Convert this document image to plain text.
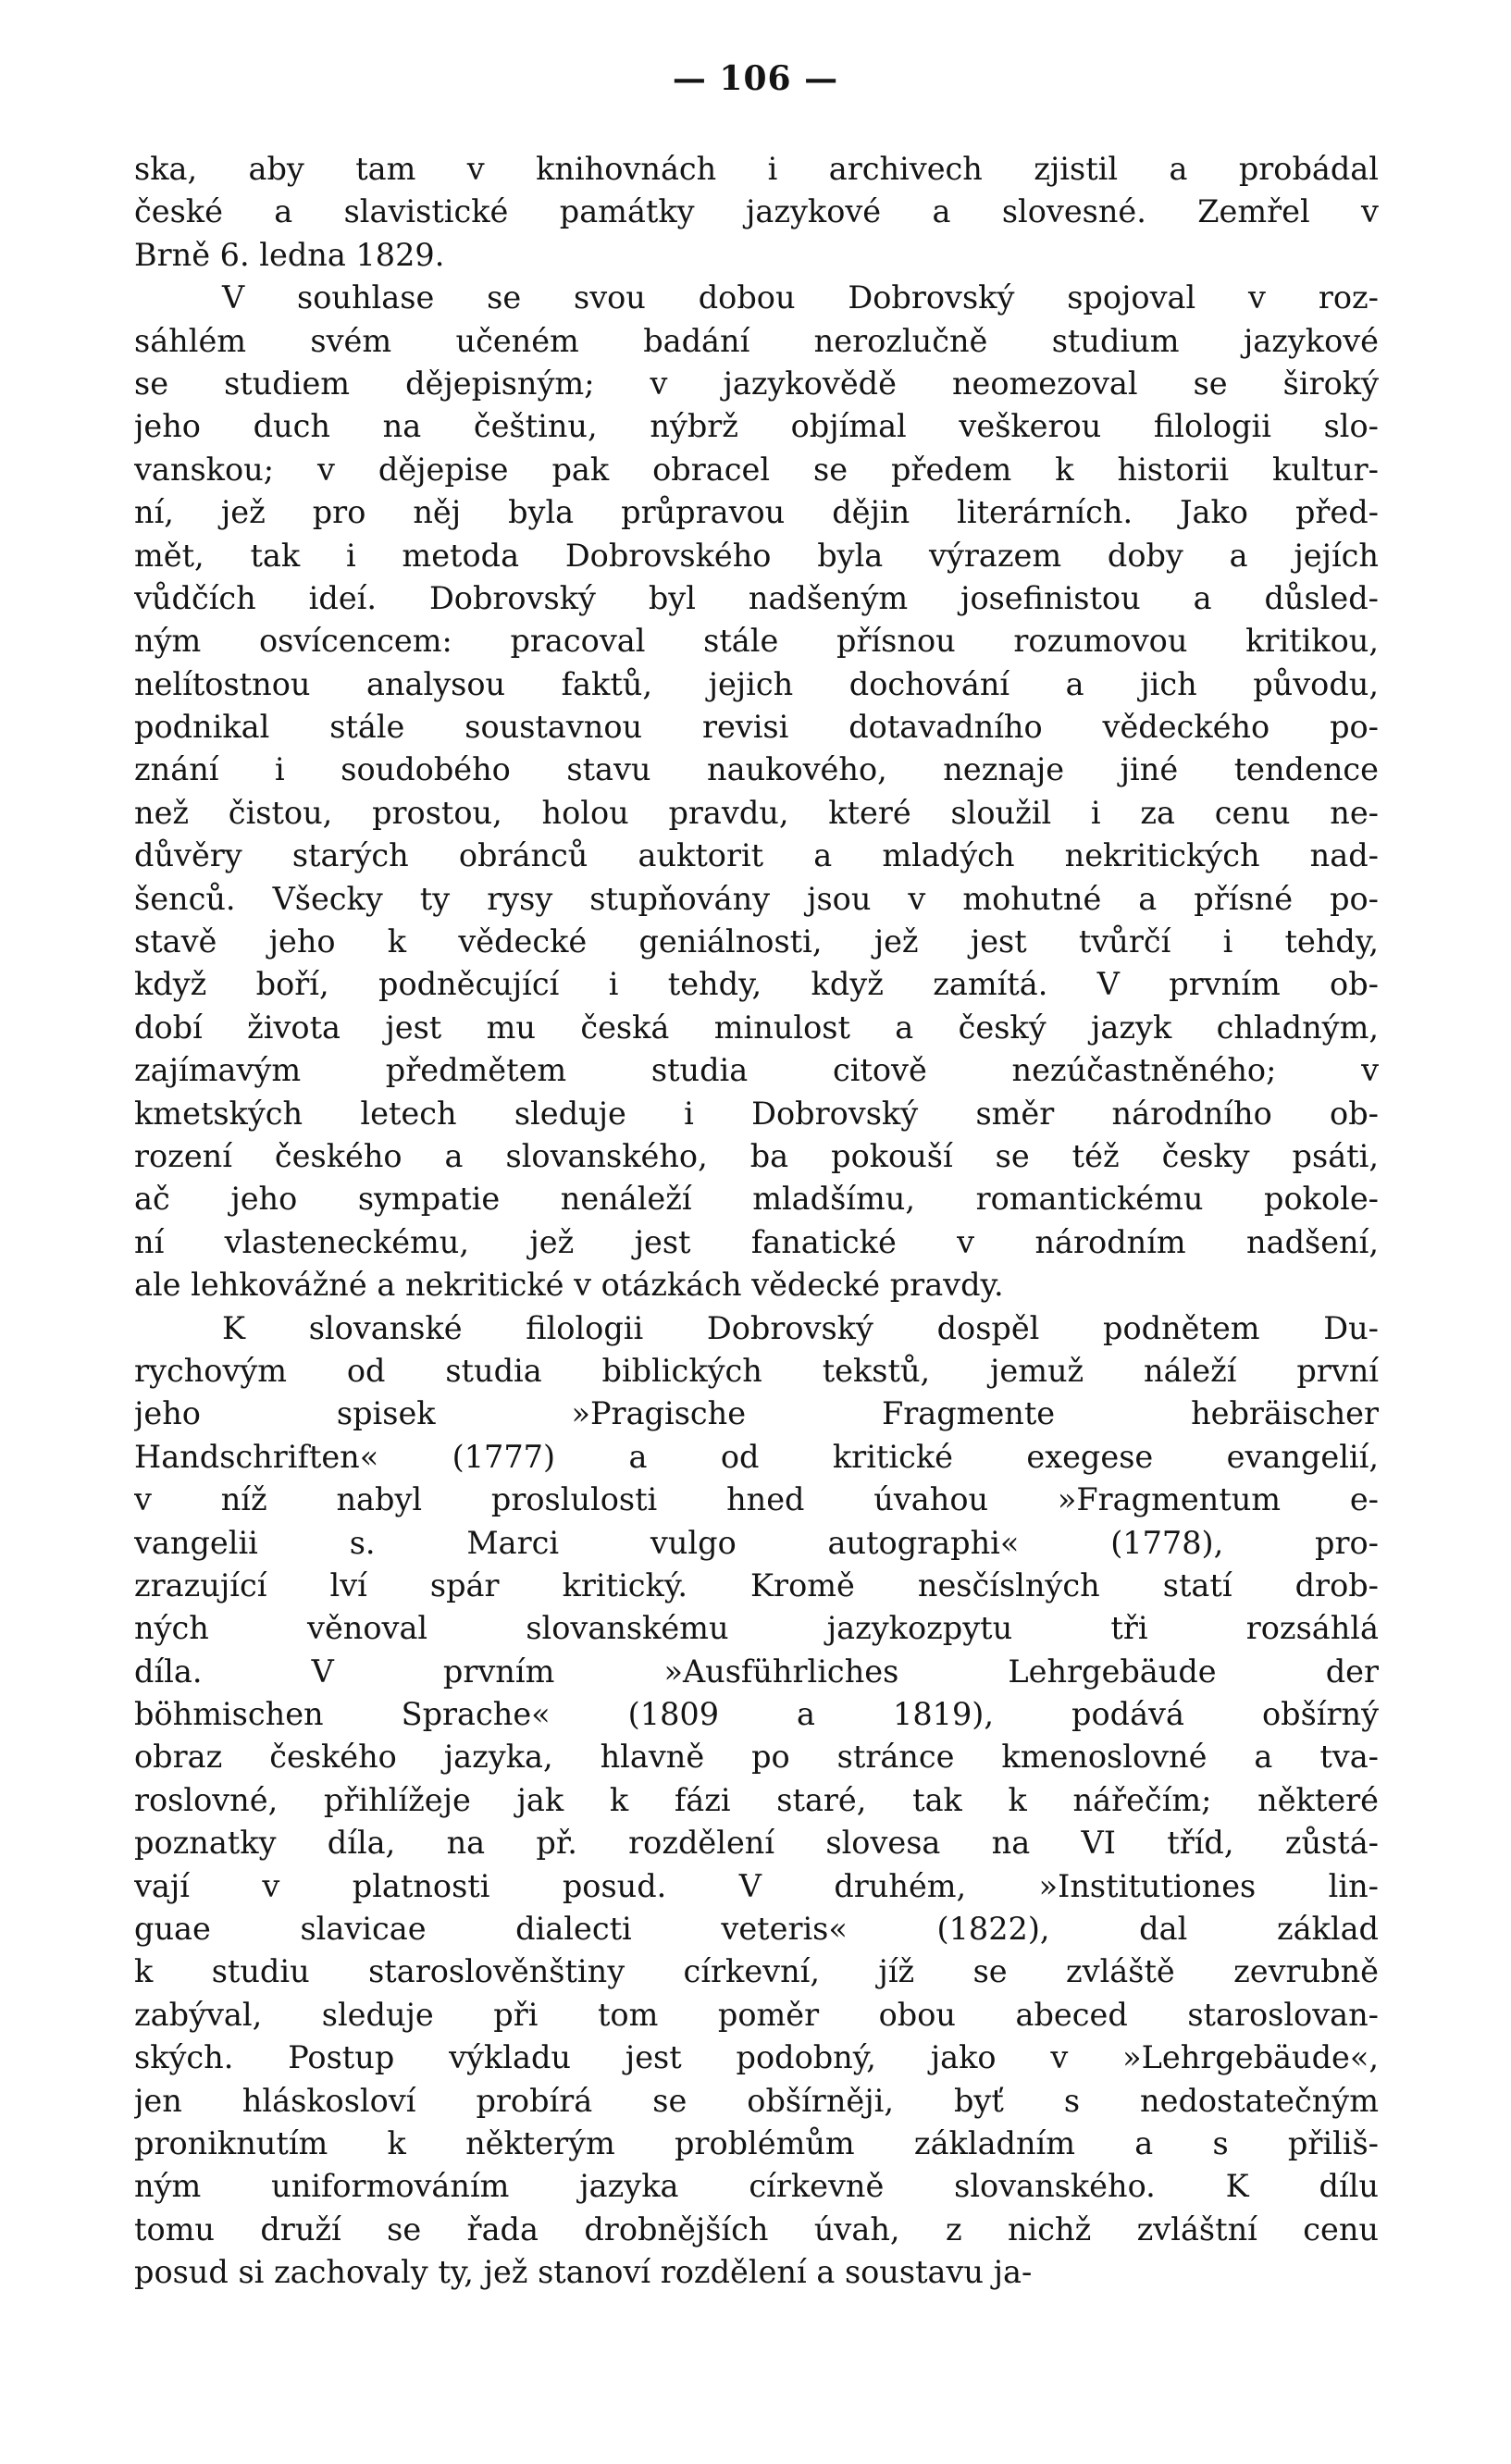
— 106 —
ska, aby tam v knihovnách i archivech zjistil a probádal
české a slavistické památky jazykové a slovesné. Zemřel v
Brně 6. ledna 1829.
V souhlase se svou dobou Dobrovský spojoval v roz-
sáhlém svém učeném badání nerozlučně studium jazykové
se studiem dějepisným; v jazykovědě neomezoval se široký
jeho duch na češtinu, nýbrž objímal veškerou filologii slo-
vanskou; v dějepise pak obracel se předem k historii kultur-
ní, jež pro něj byla průpravou dějin literárních. Jako před-
mět, tak i metoda Dobrovského byla výrazem doby a jejích
vůdčích ideí. Dobrovský byl nadšeným josefinistou a důsled-
ným osvícencem: pracoval stále přísnou rozumovou kritikou,
nelítostnou analysou faktů, jejich dochování a jich původu,
podnikal stále soustavnou revisi dotavadního vědeckého po-
znání i soudobého stavu naukového, neznaje jiné tendence
než čistou, prostou, holou pravdu, které sloužil i za cenu ne-
důvěry starých obránců auktorit a mladých nekritických nad-
šenců. Všecky ty rysy stupňovány jsou v mohutné a přísné po-
stavě jeho k vědecké geniálnosti, jež jest tvůrčí i tehdy,
když boří, podněcující i tehdy, když zamítá. V prvním ob-
dobí života jest mu česká minulost a český jazyk chladným,
zajímavým předmětem studia citově nezúčastněného; v
kmetských letech sleduje i Dobrovský směr národního ob-
rození českého a slovanského, ba pokouší se též česky psáti,
ač jeho sympatie nenáleží mladšímu, romantickému pokole-
ní vlasteneckému, jež jest fanatické v národním nadšení,
ale lehkovážné a nekritické v otázkách vědecké pravdy.
K slovanské filologii Dobrovský dospěl podnětem Du-
rychovým od studia biblických tekstů, jemuž náleží první
jeho spisek »Pragische Fragmente hebräischer
Handschriften« (1777) a od kritické exegese evangelií,
v níž nabyl proslulosti hned úvahou »Fragmentum e-
vangelii s. Marci vulgo autographi« (1778), pro-
zrazující lví spár kritický. Kromě nesčíslných statí drob-
ných věnoval slovanskému jazykozpytu tři rozsáhlá
díla. V prvním »Ausführliches Lehrgebäude der
böhmischen Sprache« (1809 a 1819), podává obšírný
obraz českého jazyka, hlavně po stránce kmenoslovné a tva-
roslovné, přihlížeje jak k fázi staré, tak k nářečím; některé
poznatky díla, na př. rozdělení slovesa na VI tříd, zůstá-
vají v platnosti posud. V druhém, »Institutiones lin-
guae slavicae dialecti veteris« (1822), dal základ
k studiu staroslověnštiny církevní, jíž se zvláště zevrubně
zabýval, sleduje při tom poměr obou abeced staroslovan-
ských. Postup výkladu jest podobný, jako v »Lehrgebäude«,
jen hláskosloví probírá se obšírněji, byť s nedostatečným
proniknutím k některým problémům základním a s přiliš-
ným uniformováním jazyka církevně slovanského. K dílu
tomu druží se řada drobnějších úvah, z nichž zvláštní cenu
posud si zachovaly ty, jež stanoví rozdělení a soustavu ja-
